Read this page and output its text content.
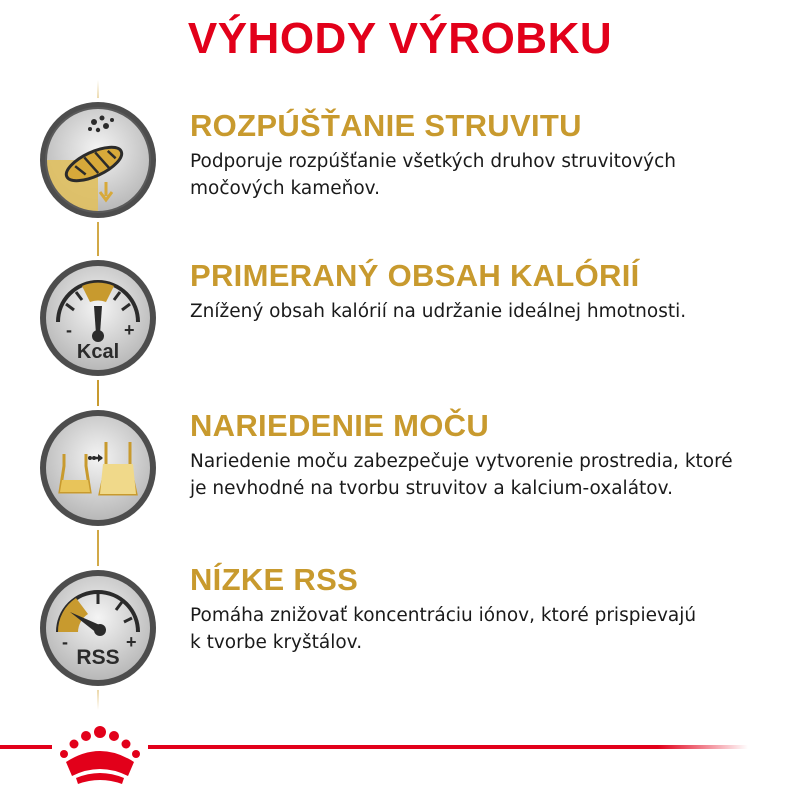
VÝHODY VÝROBKU
ROZPÚŠŤANIE STRUVITU

Podporuje rozpúšťanie všetkých druhov struvitových
močových kameňov.

-	+
Kcal
PRIMERANÝ OBSAH KALÓRIÍ

Znížený obsah kalórií na udržanie ideálnej hmotnosti.

NARIEDENIE MOČU

Nariedenie moču zabezpečuje vytvorenie prostredia, ktoré
je nevhodné na tvorbu struvitov a kalcium-oxalátov.

-	+
RSS
NÍZKE RSS

Pomáha znižovať koncentráciu iónov, ktoré prispievajú
k tvorbe kryštálov.
